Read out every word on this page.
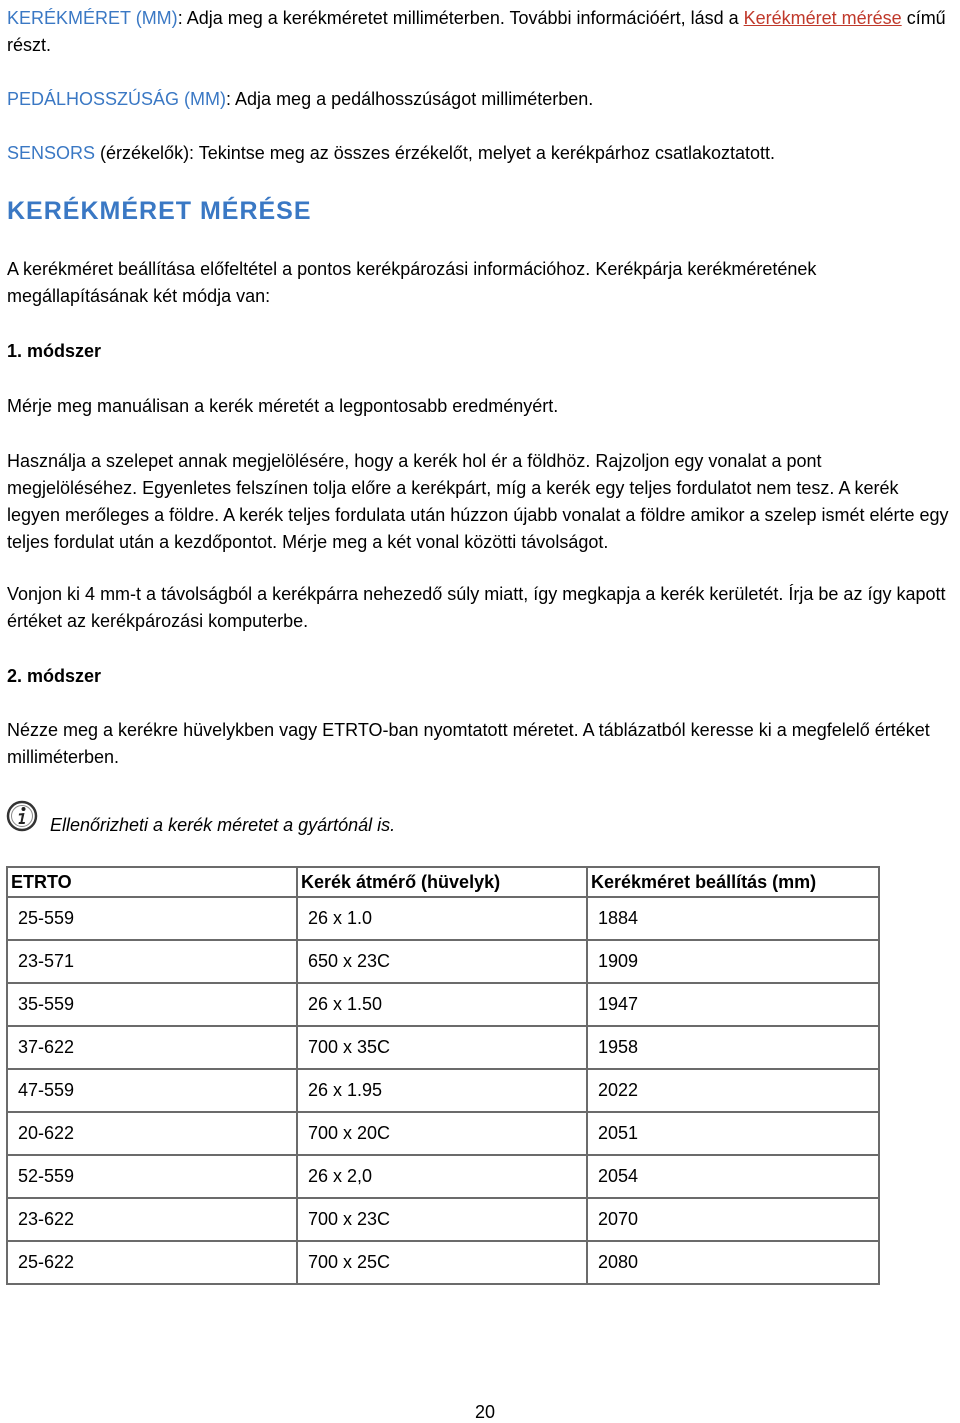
KERÉKMÉRET (MM): Adja meg a kerékméretet milliméterben. További információért, lásd a Kerékméret mérése című részt.

PEDÁLHOSSZÚSÁG (MM): Adja meg a pedálhosszúságot milliméterben.

SENSORS (érzékelők): Tekintse meg az összes érzékelőt, melyet a kerékpárhoz csatlakoztatott.

KERÉKMÉRET MÉRÉSE

A kerékméret beállítása előfeltétel a pontos kerékpározási információhoz. Kerékpárja kerékméretének megállapításának két módja van:

1. módszer

Mérje meg manuálisan a kerék méretét a legpontosabb eredményért.

Használja a szelepet annak megjelölésére, hogy a kerék hol ér a földhöz. Rajzoljon egy vonalat a pont megjelöléséhez. Egyenletes felszínen tolja előre a kerékpárt, míg a kerék egy teljes fordulatot nem tesz. A kerék legyen merőleges a földre. A kerék teljes fordulata után húzzon újabb vonalat a földre amikor a szelep ismét elérte egy teljes fordulat után a kezdőpontot. Mérje meg a két vonal közötti távolságot.

Vonjon ki 4 mm-t a távolságból a kerékpárra nehezedő súly miatt, így megkapja a kerék kerületét. Írja be az így kapott értéket az kerékpározási komputerbe.

2. módszer

Nézze meg a kerékre hüvelykben vagy ETRTO-ban nyomtatott méretet. A táblázatból keresse ki a megfelelő értéket milliméterben.

Ellenőrizheti a kerék méretet a gyártónál is.

ETRTO	Kerék átmérő (hüvelyk)	Kerékméret beállítás (mm)
25-559	26 x 1.0	1884
23-571	650 x 23C	1909
35-559	26 x 1.50	1947
37-622	700 x 35C	1958
47-559	26 x 1.95	2022
20-622	700 x 20C	2051
52-559	26 x 2,0	2054
23-622	700 x 23C	2070
25-622	700 x 25C	2080
20
